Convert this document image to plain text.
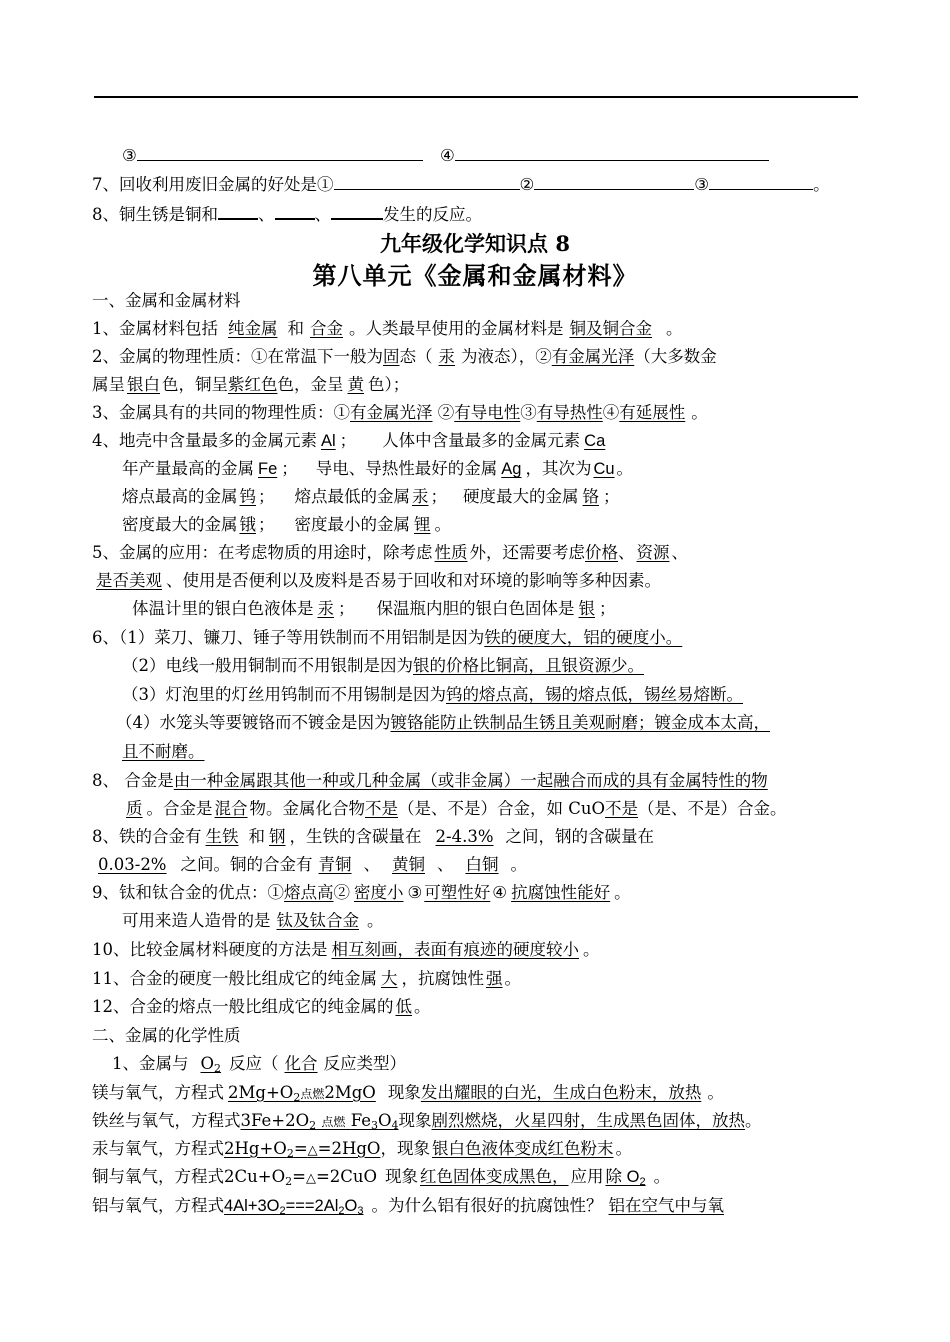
③	④
7、回收利用废旧金属的好处是①	②	③	。
8、铜生锈是铜和 、 、	发生的反应。
九年级化学知识点 8
第八单元《金属和金属材料》
一、金属和金属材料
1、金属材料包括 纯金属 和 合金 。人类最早使用的金属材料是 铜及铜合金 。
2、金属的物理性质：①在常温下一般为固态（ 汞 为液态），②有金属光泽（大多数金
属呈 银白 色，铜呈紫红色色，金呈 黄 色）；
3、金属具有的共同的物理性质：①有金属光泽 ②有导电性③有导热性④有延展性 。
4、地壳中含量最多的金属元素 Al ； 人体中含量最多的金属元素 Ca
年产量最高的金属 Fe ； 导电、导热性最好的金属 Ag ，其次为 Cu 。
熔点最高的金属 钨 ； 熔点最低的金属 汞 ； 硬度最大的金属 铬 ；
密度最大的金属 锇 ； 密度最小的金属 锂 。
5、金属的应用：在考虑物质的用途时，除考虑 性质 外，还需要考虑价格、 资源 、
是否美观 、使用是否便利以及废料是否易于回收和对环境的影响等多种因素。
体温计里的银白色液体是 汞 ； 保温瓶内胆的银白色固体是 银 ；
6、（1）菜刀、镰刀、锤子等用铁制而不用铝制是因为铁的硬度大，铝的硬度小。
（2）电线一般用铜制而不用银制是因为银的价格比铜高，且银资源少。
（3）灯泡里的灯丝用钨制而不用锡制是因为钨的熔点高，锡的熔点低，锡丝易熔断。
（4）水笼头等要镀铬而不镀金是因为镀铬能防止铁制品生锈且美观耐磨；镀金成本太高，
且不耐磨。
8、 合金是由一种金属跟其他一种或几种金属（或非金属）一起融合而成的具有金属特性的物
质 。合金是 混合 物。金属化合物不是（是、不是）合金，如 CuO不是（是、不是）合金。
8、铁的合金有 生铁 和 钢 ，生铁的含碳量在 2-4.3% 之间，钢的含碳量在
0.03-2% 之间。铜的合金有 青铜 、 黄铜 、 白铜 。
9、钛和钛合金的优点：①熔点高② 密度小 ③ 可塑性好 ④ 抗腐蚀性能好 。
可用来造人造骨的是 钛及钛合金 。
10、比较金属材料硬度的方法是 相互刻画，表面有痕迹的硬度较小 。
11、合金的硬度一般比组成它的纯金属 大 ，抗腐蚀性 强 。
12、合金的熔点一般比组成它的纯金属的 低 。
二、金属的化学性质
1、金属与 $O_2$ 反应（ 化合 反应类型）
镁与氧气，方程式 $2Mg+O_2$点燃2MgO 现象发出耀眼的白光，生成白色粉末，放热 。
铁丝与氧气，方程式$3Fe+2O_2$ 点燃 $Fe_3O_4$现象剧烈燃烧，火星四射，生成黑色固体，放热。
汞与氧气，方程式$2Hg+O_2=\triangle=2HgO$，现象 银白色液体变成红色粉末 。
铜与氧气，方程式$2Cu+O_2=\triangle=2CuO$ 现象 红色固体变成黑色， 应用 除 $O_2$ 。
铝与氧气，方程式$4Al+3O_2===2Al_2O_3$ 。为什么铝有很好的抗腐蚀性？ 铝在空气中与氧
